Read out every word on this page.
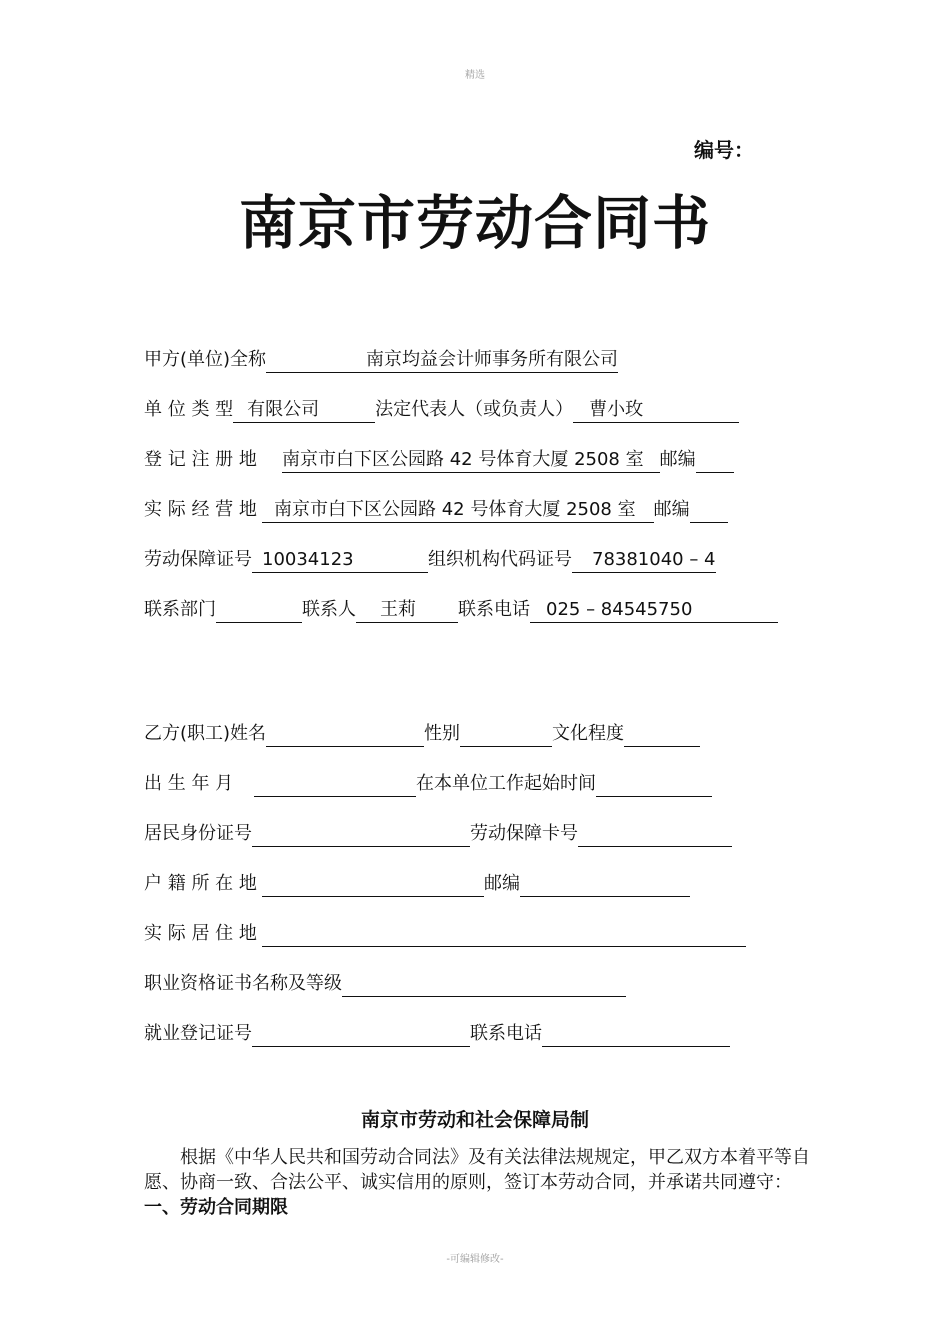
精选
编号：
南京市劳动合同书
甲方(单位)全称	南京均益会计师事务所有限公司
单 位 类 型 有限公司	法定代表人（或负责人） 曹小玫
登 记 注 册 地 南京市白下区公园路 42 号体育大厦 2508 室 邮编
实 际 经 营 地 南京市白下区公园路 42 号体育大厦 2508 室 邮编
劳动保障证号 10034123	组织机构代码证号 78381040 – 4
联系部门	联系人 王莉 联系电话 025 – 84545750
乙方(职工)姓名	性别	文化程度
出 生 年 月	在本单位工作起始时间
居民身份证号	劳动保障卡号
户 籍 所 在 地	邮编
实 际 居 住 地
职业资格证书名称及等级
就业登记证号	联系电话
南京市劳动和社会保障局制

根据《中华人民共和国劳动合同法》及有关法律法规规定，甲乙双方本着平等自愿、协商一致、合法公平、诚实信用的原则，签订本劳动合同，并承诺共同遵守：

一、劳动合同期限

-可编辑修改-
